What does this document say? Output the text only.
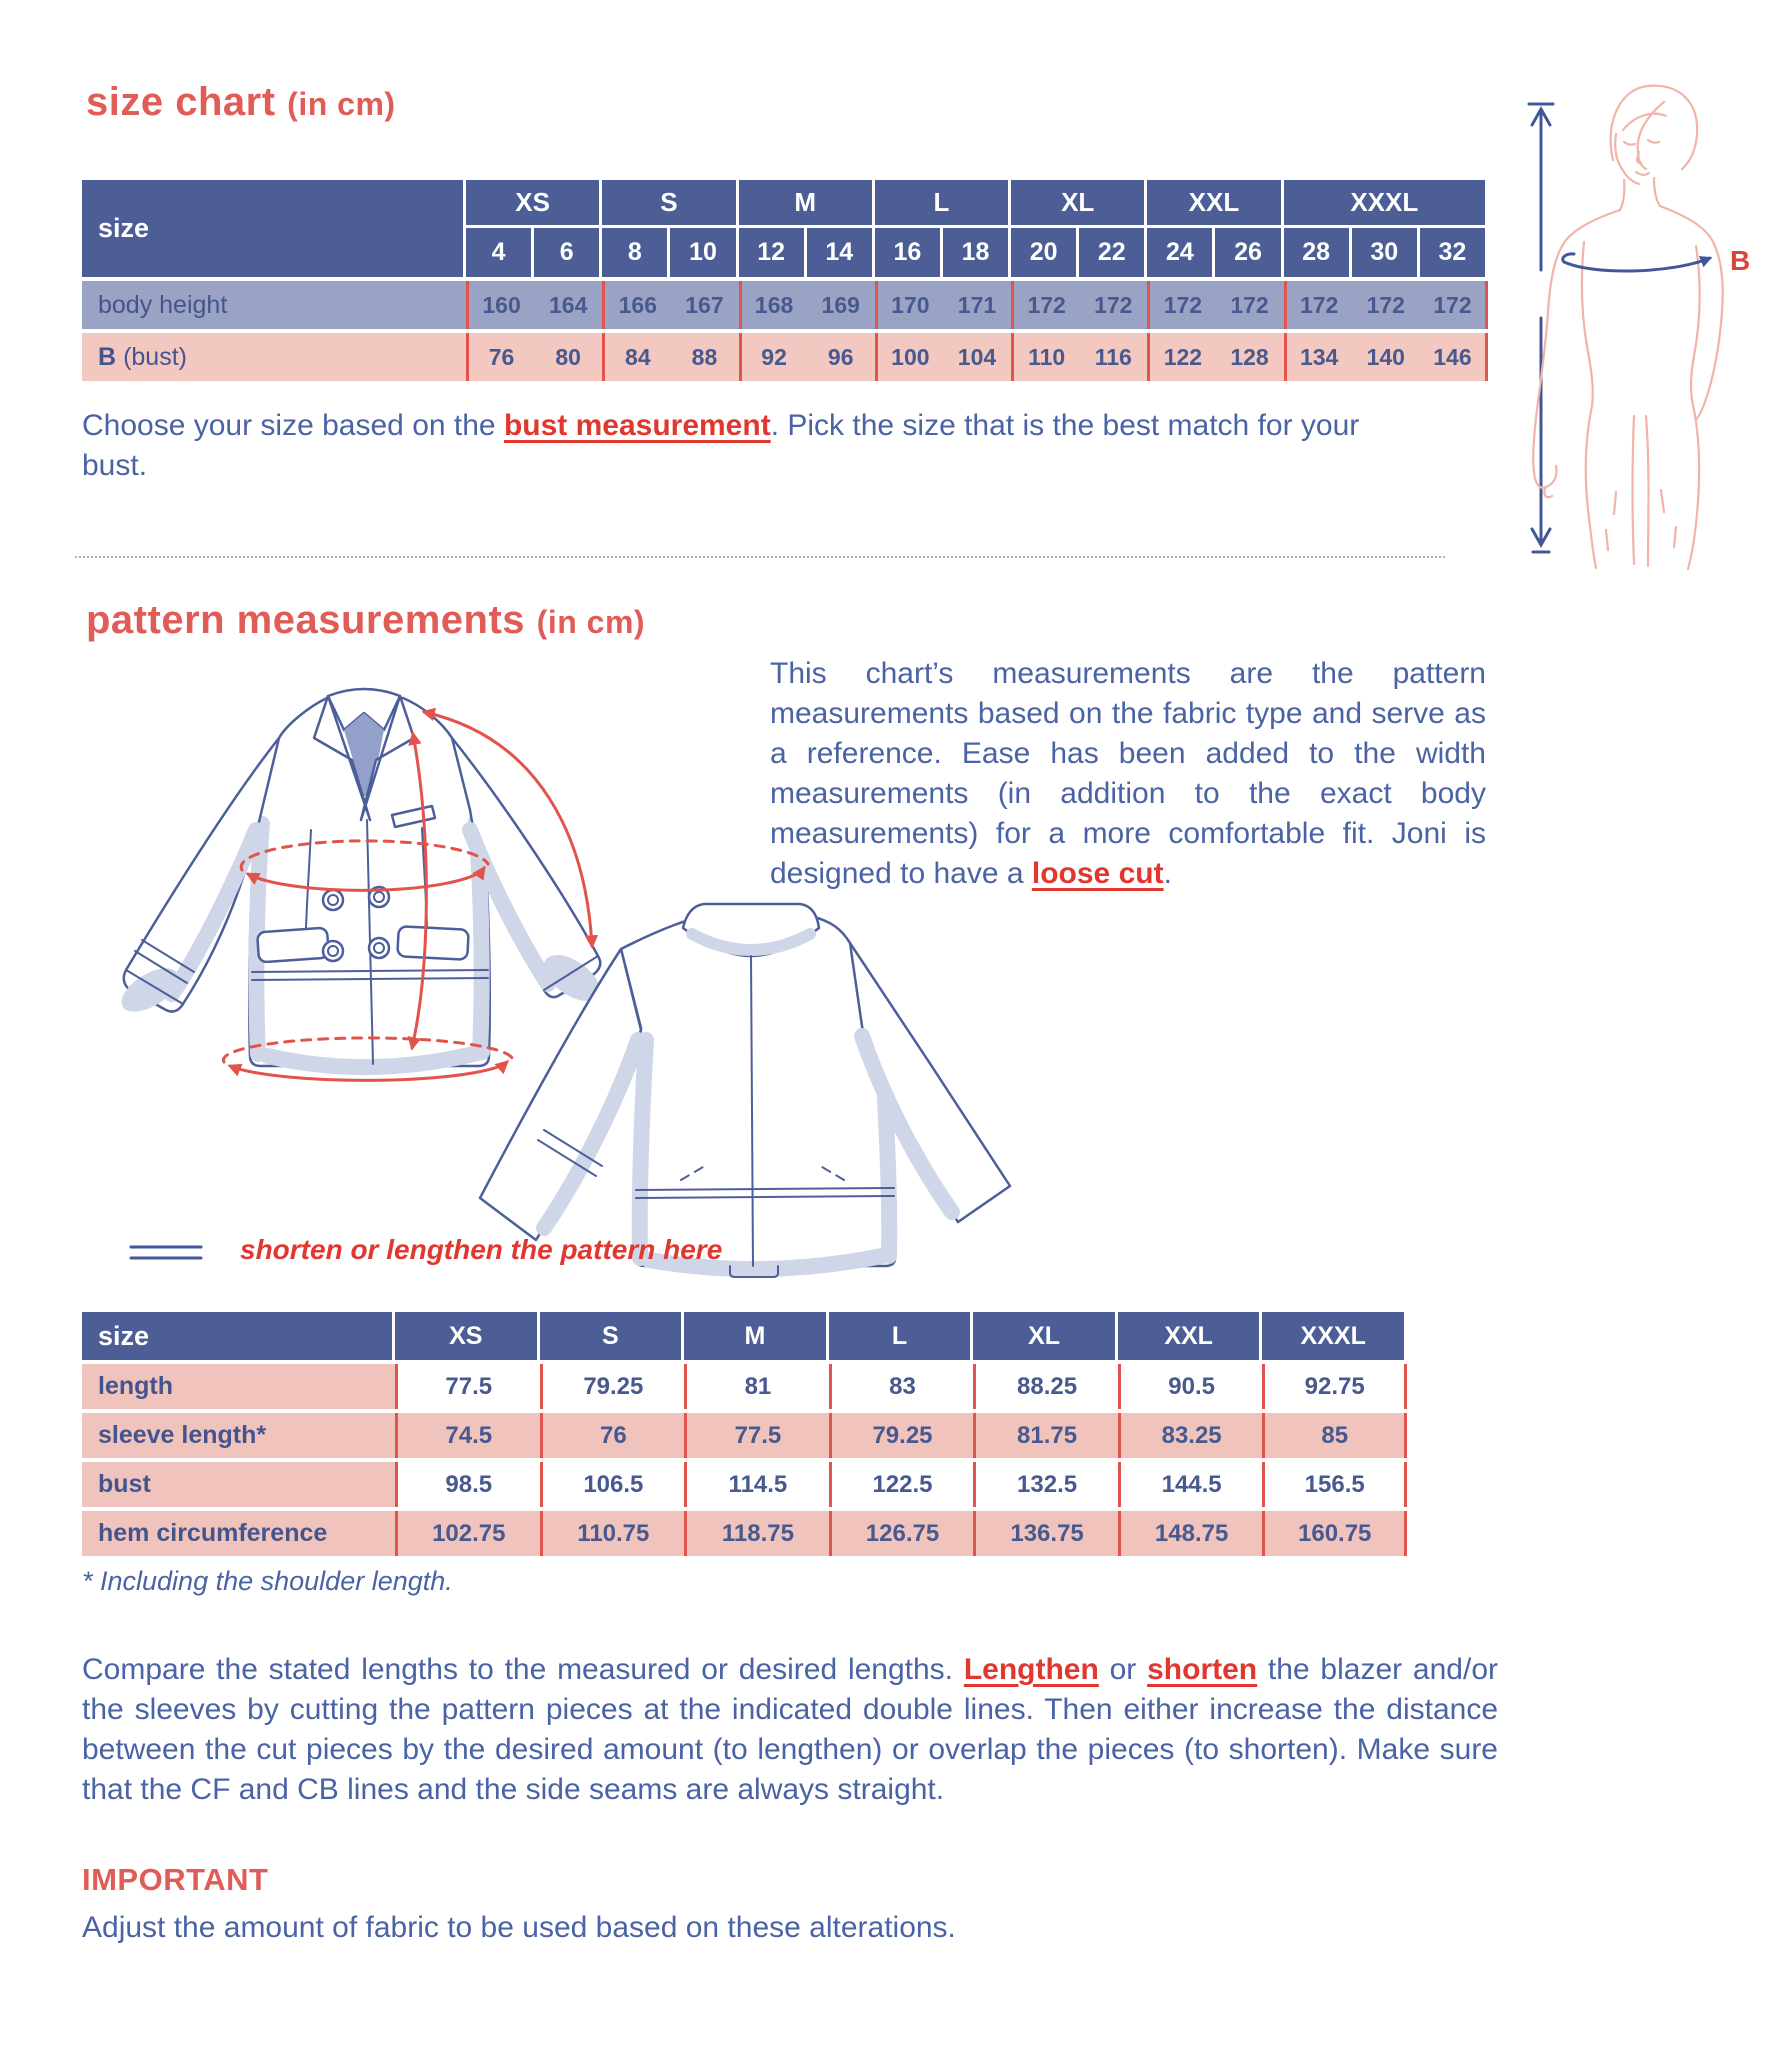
size chart (in cm)
size
XS	S	M	L	XL	XXL	XXXL
4	6	8	10	12	14	16	18	20	22	24	26	28	30	32
body height	160	164	166	167	168	169	170	171	172	172	172	172	172	172	172
B (bust)	76	80	84	88	92	96	100	104	110	116	122	128	134	140	146

Choose your size based on the bust measurement. Pick the size that is the best match for your bust.

B
pattern measurements (in cm)

This chart’s measurements are the pattern measurements based on the fabric type and serve as a reference. Ease has been added to the width measurements (in addition to the exact body measurements) for a more comfortable fit. Joni is designed to have a loose cut.

shorten or lengthen the pattern here
size	XS	S	M	L	XL	XXL	XXXL
length	77.5	79.25	81	83	88.25	90.5	92.75
sleeve length*	74.5	76	77.5	79.25	81.75	83.25	85
bust	98.5	106.5	114.5	122.5	132.5	144.5	156.5
hem circumference	102.75	110.75	118.75	126.75	136.75	148.75	160.75
* Including the shoulder length.

Compare the stated lengths to the measured or desired lengths. Lengthen or shorten the blazer and/or the sleeves by cutting the pattern pieces at the indicated double lines. Then either increase the distance between the cut pieces by the desired amount (to lengthen) or overlap the pieces (to shorten). Make sure that the CF and CB lines and the side seams are always straight.

IMPORTANT

Adjust the amount of fabric to be used based on these alterations.
